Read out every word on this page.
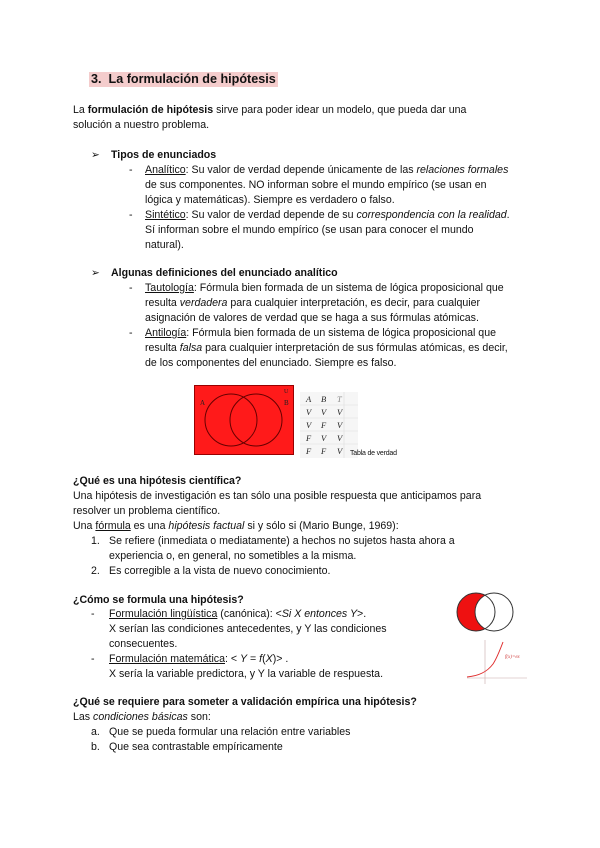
3. La formulación de hipótesis
La formulación de hipótesis sirve para poder idear un modelo, que pueda dar una
solución a nuestro problema.
➢ Tipos de enunciados
-	Analítico: Su valor de verdad depende únicamente de las relaciones formales
de sus componentes. NO informan sobre el mundo empírico (se usan en
lógica y matemáticas). Siempre es verdadero o falso.
-	Sintético: Su valor de verdad depende de su correspondencia con la realidad.
Sí informan sobre el mundo empírico (se usan para conocer el mundo
natural).
➢ Algunas definiciones del enunciado analítico
-	Tautología: Fórmula bien formada de un sistema de lógica proposicional que
resulta verdadera para cualquier interpretación, es decir, para cualquier
asignación de valores de verdad que se haga a sus fórmulas atómicas.
-	Antilogía: Fórmula bien formada de un sistema de lógica proposicional que
resulta falsa para cualquier interpretación de sus fórmulas atómicas, es decir,
de los componentes del enunciado. Siempre es falso.
A	B
U
A B T
V V V
V F V
F V V
F F V Tabla de verdad
¿Qué es una hipótesis científica?
Una hipótesis de investigación es tan sólo una posible respuesta que anticipamos para
resolver un problema científico.
Una fórmula es una hipótesis factual si y sólo si (Mario Bunge, 1969):
1. Se refiere (inmediata o mediatamente) a hechos no sujetos hasta ahora a
experiencia o, en general, no sometibles a la misma.
2. Es corregible a la vista de nuevo conocimiento.
¿Cómo se formula una hipótesis?
-	Formulación lingüística (canónica): <Si X entonces Y>.
X serían las condiciones antecedentes, y Y las condiciones
consecuentes.
-	Formulación matemática: < Y = f(X)> .
X sería la variable predictora, y Y la variable de respuesta.
f(x)=ex
¿Qué se requiere para someter a validación empírica una hipótesis?
Las condiciones básicas son:
a. Que se pueda formular una relación entre variables
b. Que sea contrastable empíricamente
